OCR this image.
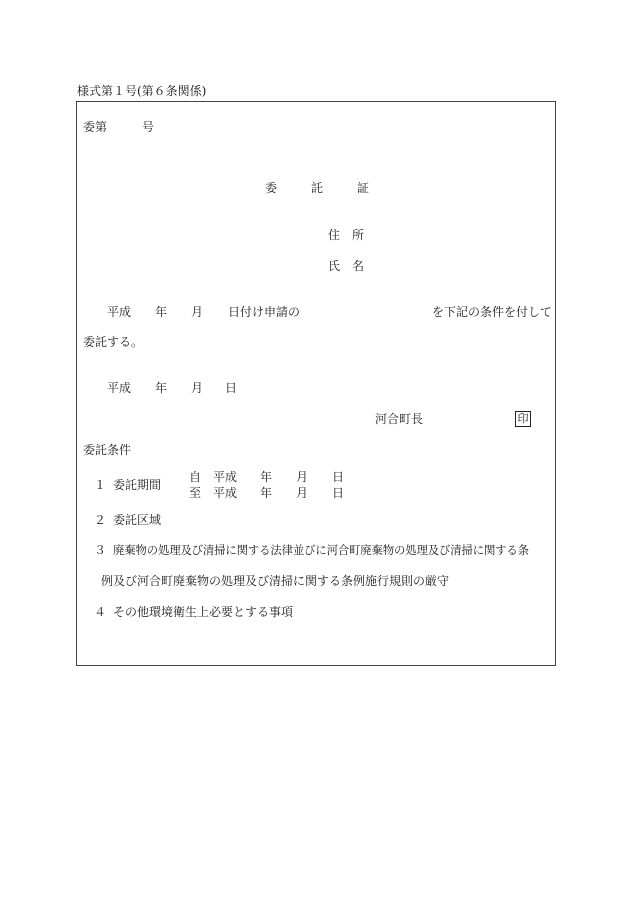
様式第１号(第６条関係)
委第	号
委	託	証
住　所
氏　名
平成 年 月 日付け申請の	を下記の条件を付して
委託する。
平成 年 月 日
河合町長	印
委託条件
１ 委託期間
自 平成 年 月 日
至 平成 年 月 日
２ 委託区域
３ 廃棄物の処理及び清掃に関する法律並びに河合町廃棄物の処理及び清掃に関する条
例及び河合町廃棄物の処理及び清掃に関する条例施行規則の厳守
４ その他環境衛生上必要とする事項
